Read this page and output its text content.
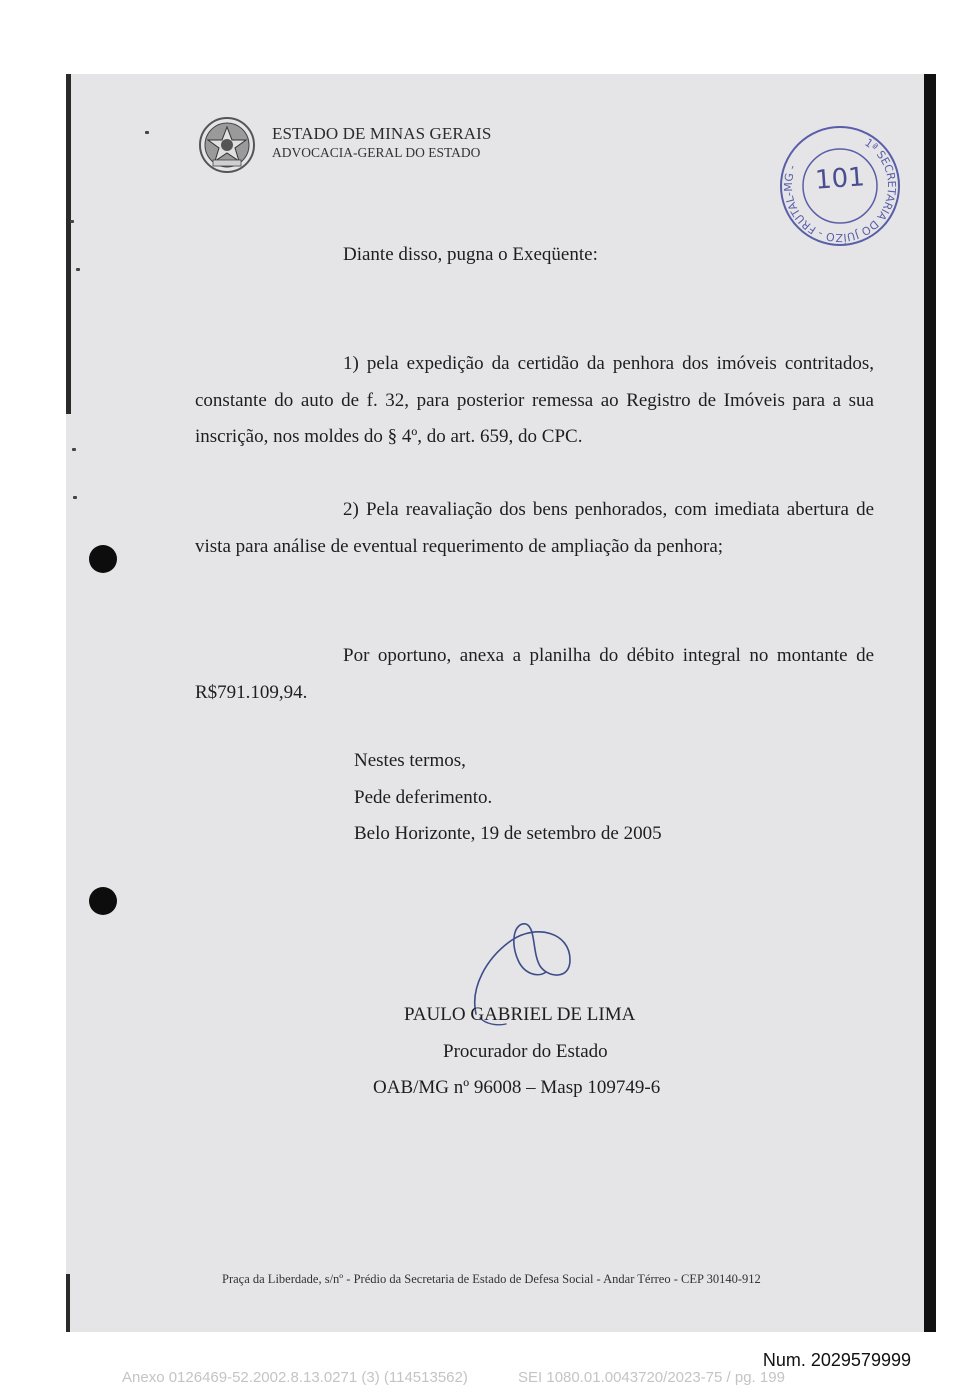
ESTADO DE MINAS GERAIS
ADVOCACIA-GERAL DO ESTADO
1ª SECRETARIA DO JUÍZO - FRUTAL-MG - 101
Diante disso, pugna o Exeqüente:
1) pela expedição da certidão da penhora dos imóveis contritados, constante do auto de f. 32, para posterior remessa ao Registro de Imóveis para a sua inscrição, nos moldes do § 4º, do art. 659, do CPC.
2) Pela reavaliação dos bens penhorados, com imediata abertura de vista para análise de eventual requerimento de ampliação da penhora;
Por oportuno, anexa a planilha do débito integral no montante de R$791.109,94.
Nestes termos,
Pede deferimento.
Belo Horizonte, 19 de setembro de 2005
PAULO GABRIEL DE LIMA
Procurador do Estado
OAB/MG nº 96008 – Masp 109749-6
Praça da Liberdade, s/nº - Prédio da Secretaria de Estado de Defesa Social - Andar Térreo - CEP 30140-912
Num. 2029579999
Anexo 0126469-52.2002.8.13.0271 (3) (114513562)	SEI 1080.01.0043720/2023-75 / pg. 199
